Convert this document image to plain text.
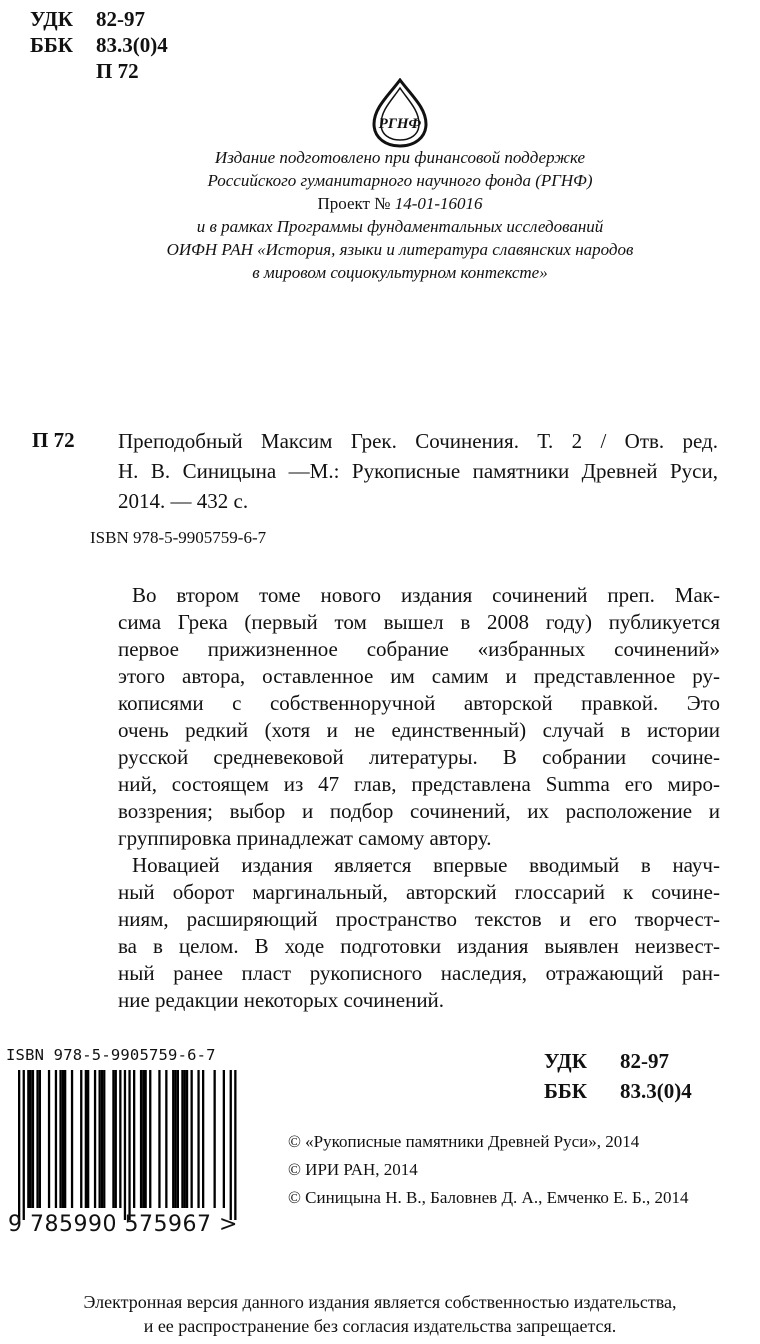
УДК 82-97
ББК 83.3(0)4
П 72
РГНФ
Издание подготовлено при финансовой поддержке
Российского гуманитарного научного фонда (РГНФ)
Проект № 14-01-16016
и в рамках Программы фундаментальных исследований
ОИФН РАН «История, языки и литература славянских народов
в мировом социокультурном контексте»
П 72 Преподобный Максим Грек. Сочинения. Т. 2 / Отв. ред.
Н. В. Синицына —М.: Рукописные памятники Древней Руси,
2014. — 432 с.
ISBN 978-5-9905759-6-7
Во втором томе нового издания сочинений преп. Мак-
сима Грека (первый том вышел в 2008 году) публикуется
первое прижизненное собрание «избранных сочинений»
этого автора, оставленное им самим и представленное ру-
кописями с собственноручной авторской правкой. Это
очень редкий (хотя и не единственный) случай в истории
русской средневековой литературы. В собрании сочине-
ний, состоящем из 47 глав, представлена Summa его миро-
воззрения; выбор и подбор сочинений, их расположение и
группировка принадлежат самому автору.
Новацией издания является впервые вводимый в науч-
ный оборот маргинальный, авторский глоссарий к сочине-
ниям, расширяющий пространство текстов и его творчест-
ва в целом. В ходе подготовки издания выявлен неизвест-
ный ранее пласт рукописного наследия, отражающий ран-
ние редакции некоторых сочинений.
ISBN 978-5-9905759-6-7
9 785990 575967 >
УДК 82-97
ББК 83.3(0)4
© «Рукописные памятники Древней Руси», 2014
© ИРИ РАН, 2014
© Синицына Н. В., Баловнев Д. А., Емченко Е. Б., 2014
Электронная версия данного издания является собственностью издательства,
и ее распространение без согласия издательства запрещается.
